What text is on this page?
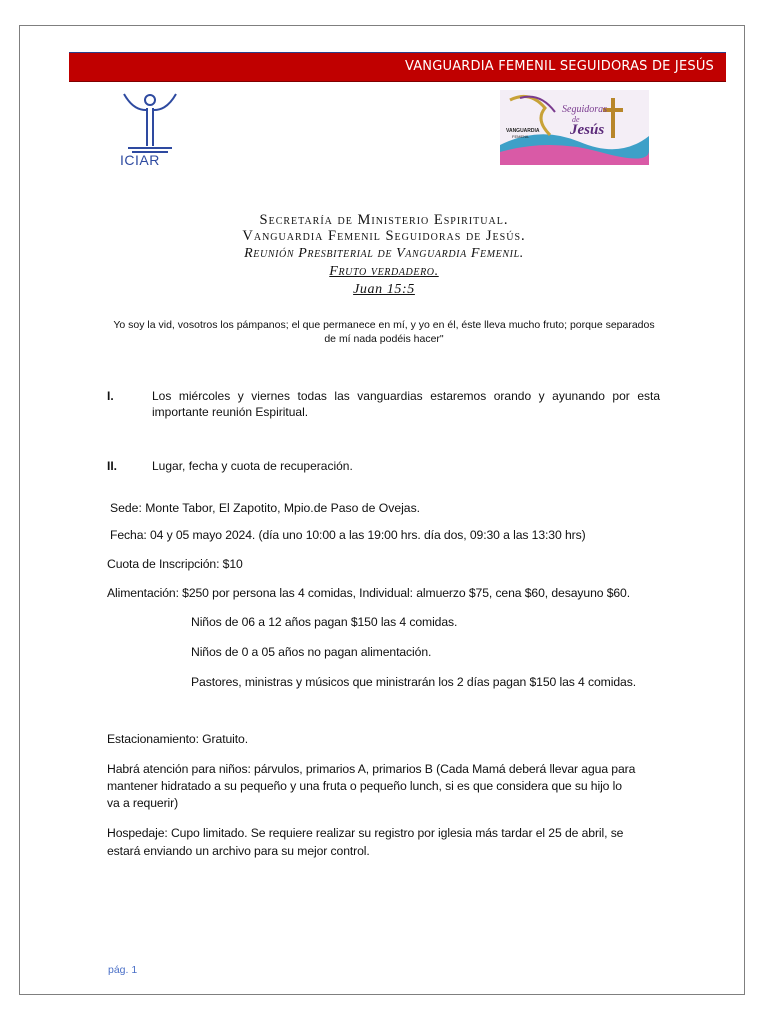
VANGUARDIA FEMENIL SEGUIDORAS DE JESÚS
ICIAR
Seguidoras
de
Jesús
VANGUARDIA
FEMENIL
Secretaría de Ministerio Espiritual.
Vanguardia Femenil Seguidoras de Jesús.
Reunión Presbiterial de Vanguardia Femenil.
Fruto verdadero.
Juan 15:5
Yo soy la vid, vosotros los pámpanos; el que permanece en mí, y yo en él, éste lleva mucho fruto; porque separados de mí nada podéis hacer"
I.	Los miércoles y viernes todas las vanguardias estaremos orando y ayunando por esta importante reunión Espiritual.
II.	Lugar, fecha y cuota de recuperación.
Sede: Monte Tabor, El Zapotito, Mpio.de Paso de Ovejas.
Fecha: 04 y 05 mayo 2024. (día uno 10:00 a las 19:00 hrs. día dos, 09:30 a las 13:30 hrs)
Cuota de Inscripción: $10
Alimentación: $250 por persona las 4 comidas, Individual: almuerzo $75, cena $60, desayuno $60.
Niños de 06 a 12 años pagan $150 las 4 comidas.
Niños de 0 a 05 años no pagan alimentación.
Pastores, ministras y músicos que ministrarán los 2 días pagan $150 las 4 comidas.
Estacionamiento: Gratuito.
Habrá atención para niños: párvulos, primarios A, primarios B (Cada Mamá deberá llevar agua para
mantener hidratado a su pequeño y una fruta o pequeño lunch, si es que considera que su hijo lo
va a requerir)
Hospedaje: Cupo limitado. Se requiere realizar su registro por iglesia más tardar el 25 de abril, se
estará enviando un archivo para su mejor control.
pág. 1
